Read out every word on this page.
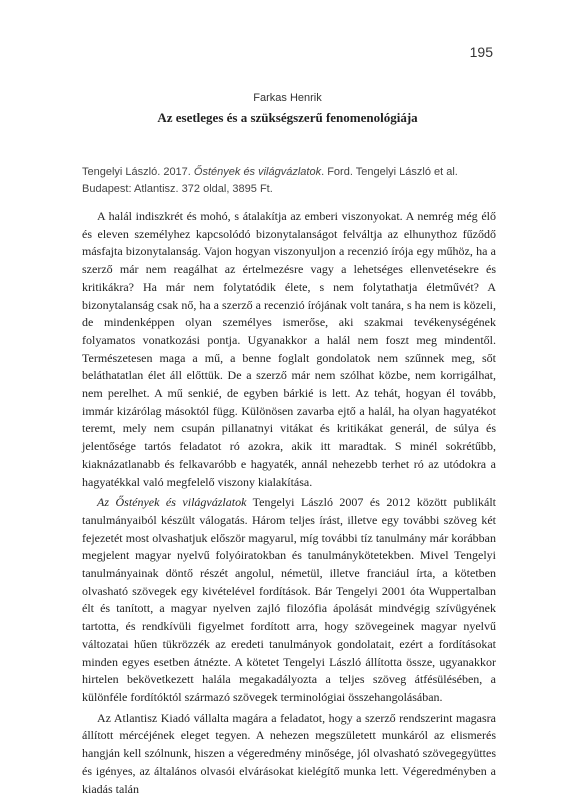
195

Farkas Henrik

Az esetleges és a szükségszerű fenomenológiája

Tengelyi László. 2017. Őstények és világvázlatok. Ford. Tengelyi László et al. Budapest: Atlantisz. 372 oldal, 3895 Ft.

A halál indiszkrét és mohó, s átalakítja az emberi viszonyokat. A nemrég még élő és eleven személyhez kapcsolódó bizonytalanságot felváltja az elhunythoz fűződő másfajta bizonytalanság. Vajon hogyan viszonyuljon a recenzió írója egy műhöz, ha a szerző már nem reagálhat az értelmezésre vagy a lehetséges ellenvetésekre és kritikákra? Ha már nem folytatódik élete, s nem folytathatja életművét? A bizonytalanság csak nő, ha a szerző a recenzió írójának volt tanára, s ha nem is közeli, de mindenképpen olyan személyes ismerőse, aki szakmai tevékenységének folyamatos vonatkozási pontja. Ugyanakkor a halál nem foszt meg mindentől. Természetesen maga a mű, a benne foglalt gondolatok nem szűnnek meg, sőt beláthatatlan élet áll előttük. De a szerző már nem szólhat közbe, nem korrigálhat, nem perelhet. A mű senkié, de egyben bárkié is lett. Az tehát, hogyan él tovább, immár kizárólag másoktól függ. Különösen zavarba ejtő a halál, ha olyan hagyatékot teremt, mely nem csupán pillanatnyi vitákat és kritikákat generál, de súlya és jelentősége tartós feladatot ró azokra, akik itt maradtak. S minél sokrétűbb, kiaknázatlanabb és felkavaróbb e hagyaték, annál nehezebb terhet ró az utódokra a hagyatékkal való megfelelő viszony kialakítása.

Az Őstények és világvázlatok Tengelyi László 2007 és 2012 között publikált tanulmányaiból készült válogatás. Három teljes írást, illetve egy további szöveg két fejezetét most olvashatjuk először magyarul, míg további tíz tanulmány már korábban megjelent magyar nyelvű folyóiratokban és tanulmánykötetekben. Mivel Tengelyi tanulmányainak döntő részét angolul, németül, illetve franciául írta, a kötetben olvasható szövegek egy kivételével fordítások. Bár Tengelyi 2001 óta Wuppertalban élt és tanított, a magyar nyelven zajló filozófia ápolását mindvégig szívügyének tartotta, és rendkívüli figyelmet fordított arra, hogy szövegeinek magyar nyelvű változatai hűen tükrözzék az eredeti tanulmányok gondolatait, ezért a fordításokat minden egyes esetben átnézte. A kötetet Tengelyi László állította össze, ugyanakkor hirtelen bekövetkezett halála megakadályozta a teljes szöveg átfésülésében, a különféle fordítóktól származó szövegek terminológiai összehangolásában.

Az Atlantisz Kiadó vállalta magára a feladatot, hogy a szerző rendszerint magasra állított mércéjének eleget tegyen. A nehezen megszületett munkáról az elismerés hangján kell szólnunk, hiszen a végeredmény minősége, jól olvasható szövegegyüttes és igényes, az általános olvasói elvárásokat kielégítő munka lett. Végeredményben a kiadás talán
